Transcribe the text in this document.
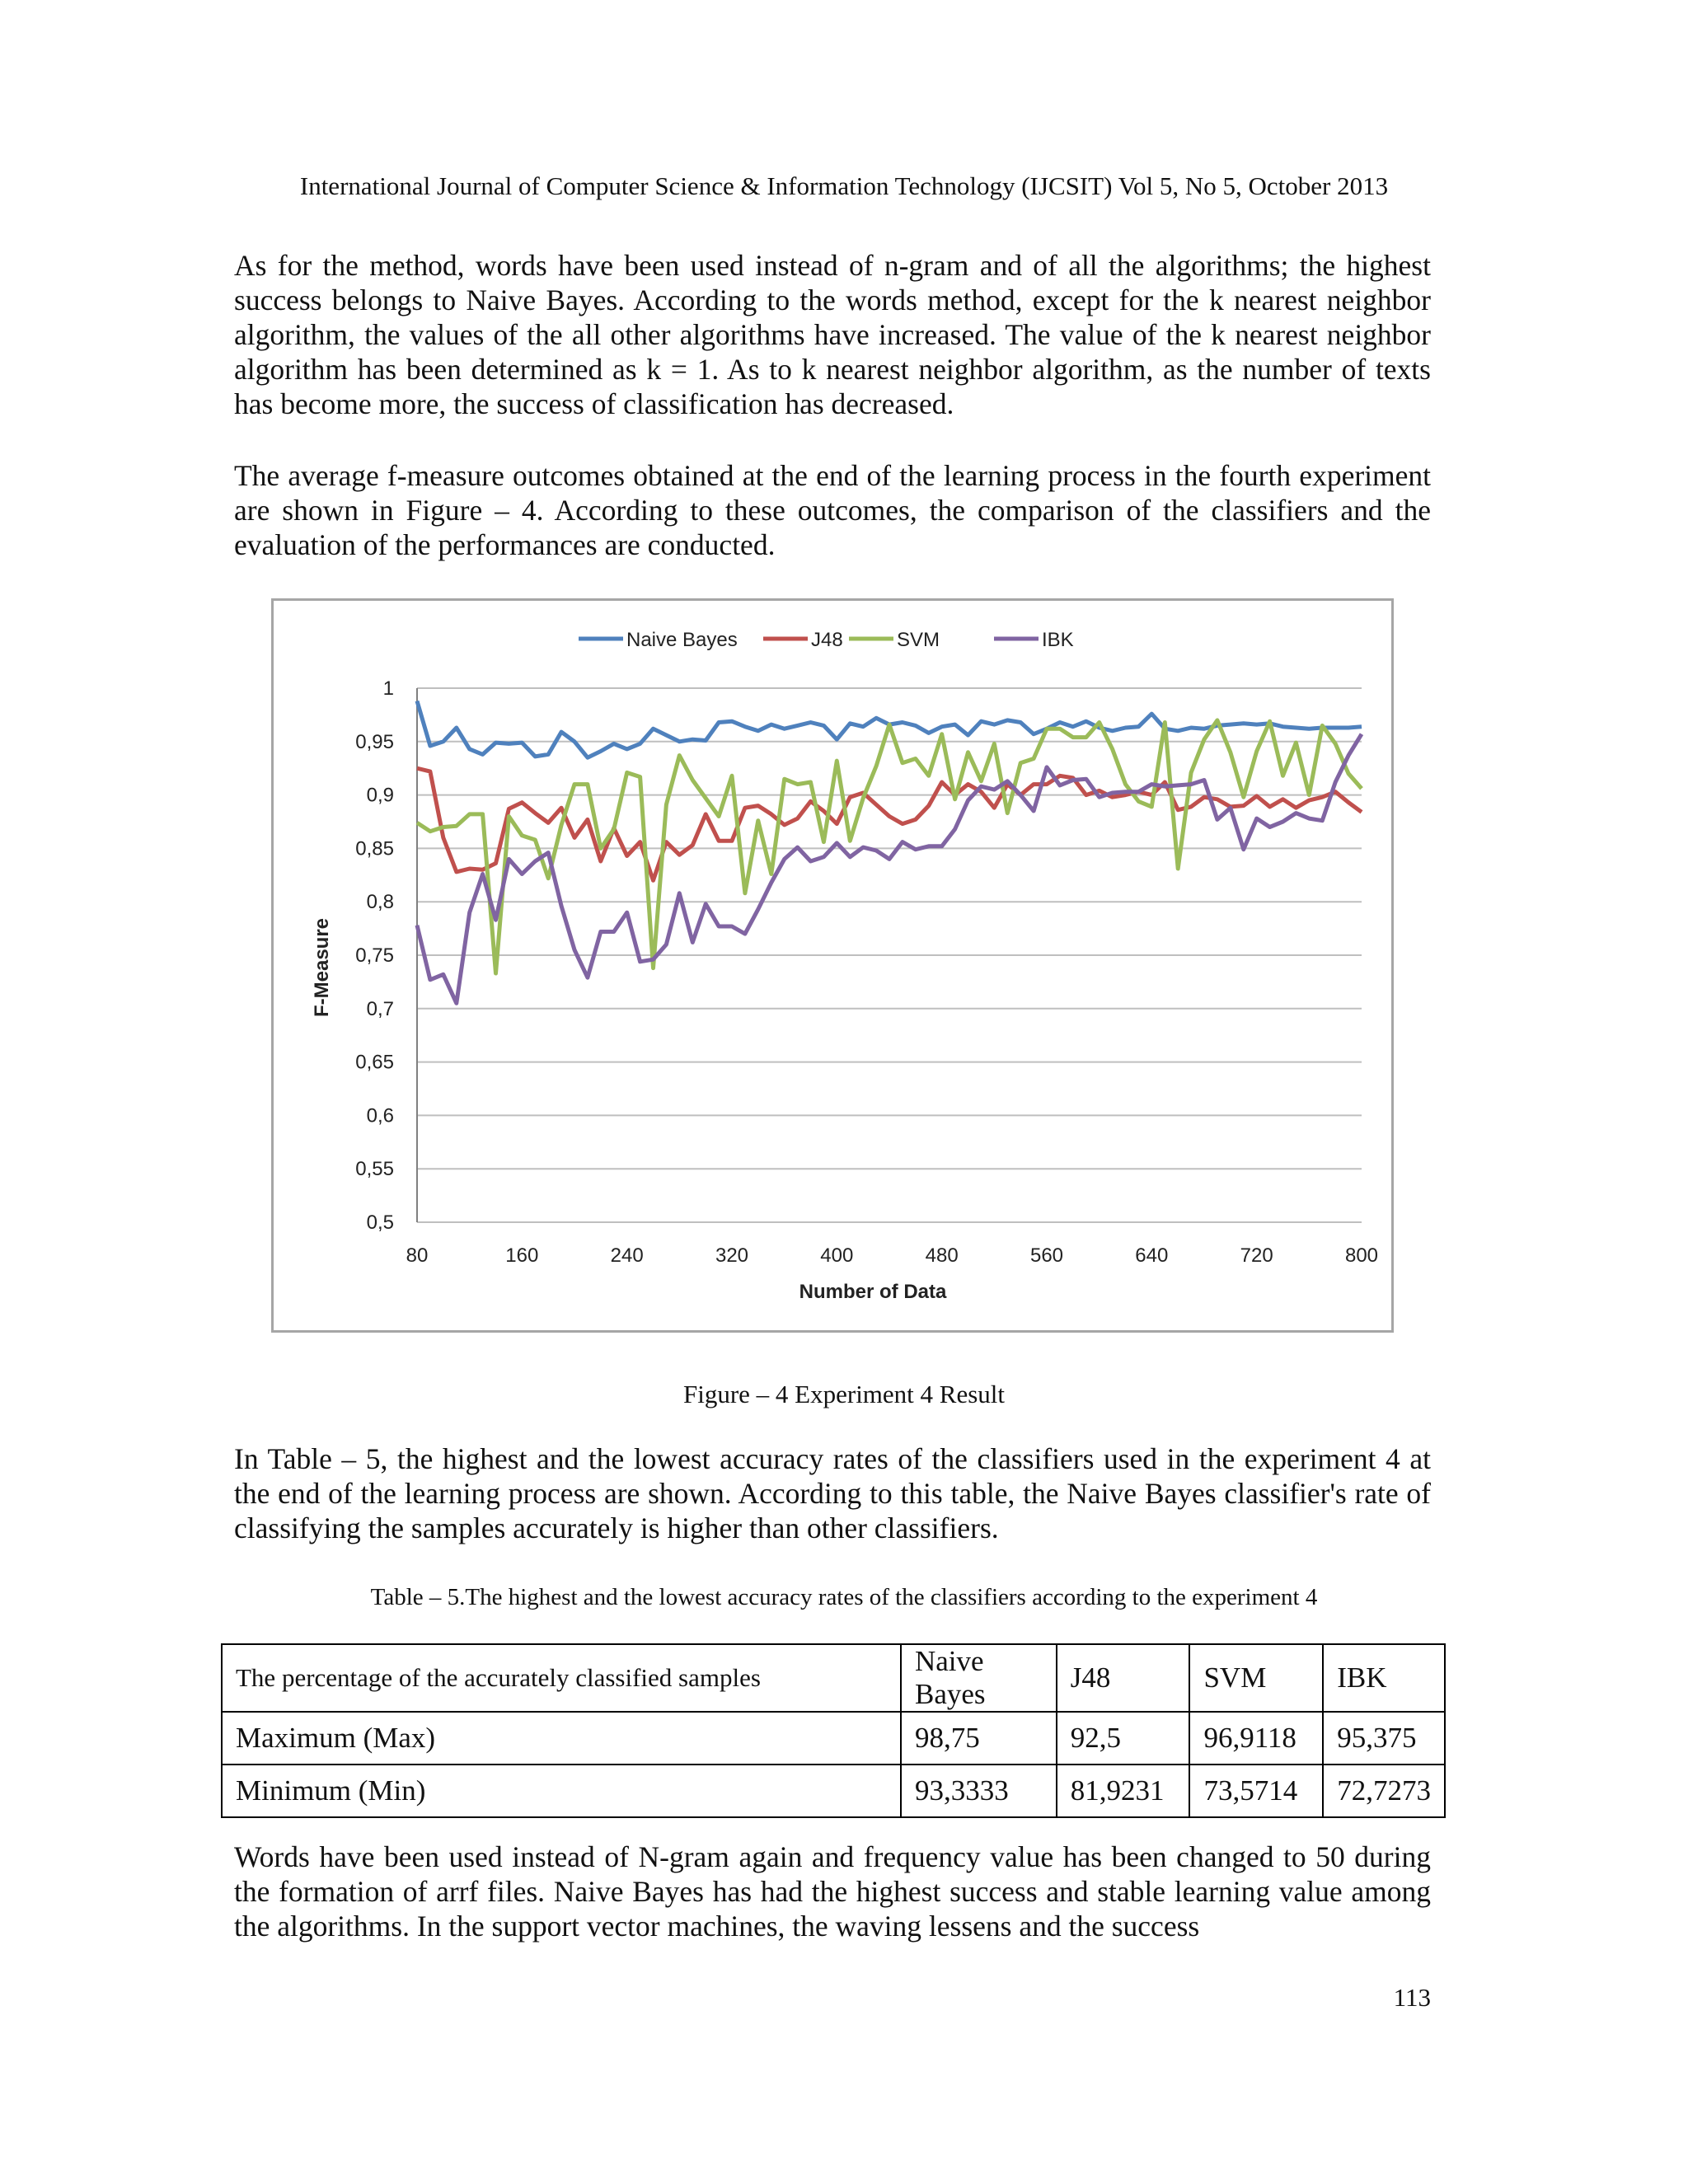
International Journal of Computer Science & Information Technology (IJCSIT) Vol 5, No 5, October 2013

As for the method, words have been used instead of n-gram and of all the algorithms; the highest success belongs to Naive Bayes. According to the words method, except for the k nearest neighbor algorithm, the values of the all other algorithms have increased. The value of the k nearest neighbor algorithm has been determined as k = 1. As to k nearest neighbor algorithm, as the number of texts has become more, the success of classification has decreased.

The average f-measure outcomes obtained at the end of the learning process in the fourth experiment are shown in Figure – 4. According to these outcomes, the comparison of the classifiers and the evaluation of the performances are conducted.

0,5
0,55
0,6
0,65
0,7
0,75
0,8
0,85
0,9
0,95
1
80	160	240	320	400	480	560	640	720	800
Number of Data
F-Measure
Naive Bayes	J48	SVM	IBK
Figure – 4 Experiment 4 Result

In Table – 5, the highest and the lowest accuracy rates of the classifiers used in the experiment 4 at the end of the learning process are shown. According to this table, the Naive Bayes classifier's rate of classifying the samples accurately is higher than other classifiers.

Table – 5.The highest and the lowest accuracy rates of the classifiers according to the experiment 4
The percentage of the accurately classified samples	Naive Bayes	J48	SVM	IBK
Maximum (Max)	98,75	92,5	96,9118	95,375
Minimum (Min)	93,3333	81,9231	73,5714	72,7273

Words have been used instead of N-gram again and frequency value has been changed to 50 during the formation of arrf files. Naive Bayes has had the highest success and stable learning value among the algorithms. In the support vector machines, the waving lessens and the success

113
